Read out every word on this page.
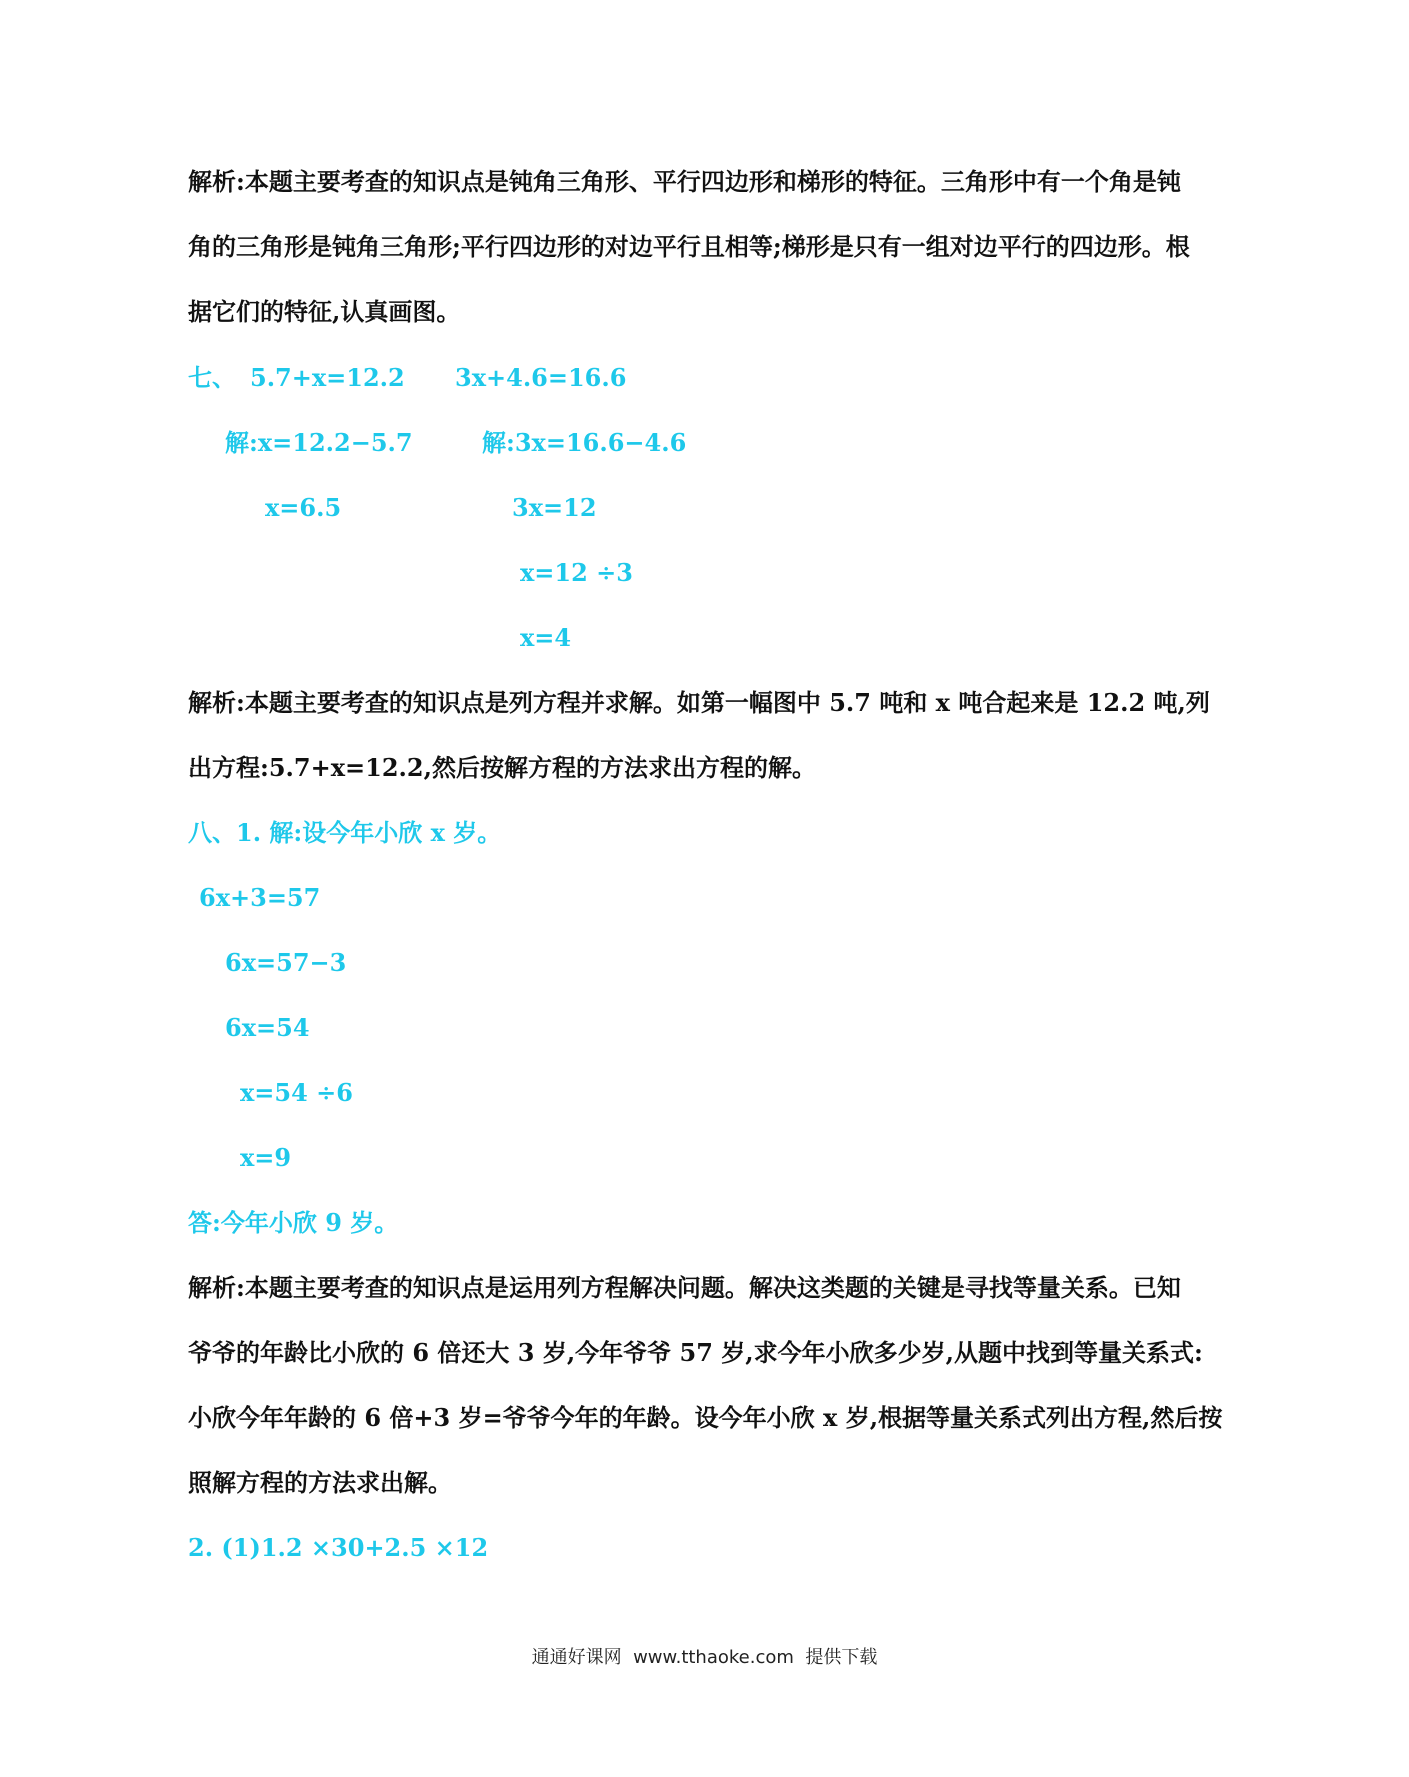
解析:本题主要考查的知识点是钝角三角形、平行四边形和梯形的特征。三角形中有一个角是钝
角的三角形是钝角三角形;平行四边形的对边平行且相等;梯形是只有一组对边平行的四边形。根
据它们的特征,认真画图。
七、 5.7+x=12.2 3x+4.6=16.6
解:x=12.2−5.7	解:3x=16.6−4.6
x=6.5	3x=12
x=12 ÷3
x=4
解析:本题主要考查的知识点是列方程并求解。如第一幅图中 5.7 吨和 x 吨合起来是 12.2 吨,列
出方程:5.7+x=12.2,然后按解方程的方法求出方程的解。
八、1. 解:设今年小欣 x 岁。
6x+3=57
6x=57−3
6x=54
x=54 ÷6
x=9
答:今年小欣 9 岁。
解析:本题主要考查的知识点是运用列方程解决问题。解决这类题的关键是寻找等量关系。已知
爷爷的年龄比小欣的 6 倍还大 3 岁,今年爷爷 57 岁,求今年小欣多少岁,从题中找到等量关系式:
小欣今年年龄的 6 倍+3 岁=爷爷今年的年龄。设今年小欣 x 岁,根据等量关系式列出方程,然后按
照解方程的方法求出解。
2. (1)1.2 ×30+2.5 ×12
通通好课网  www.tthaoke.com  提供下载
